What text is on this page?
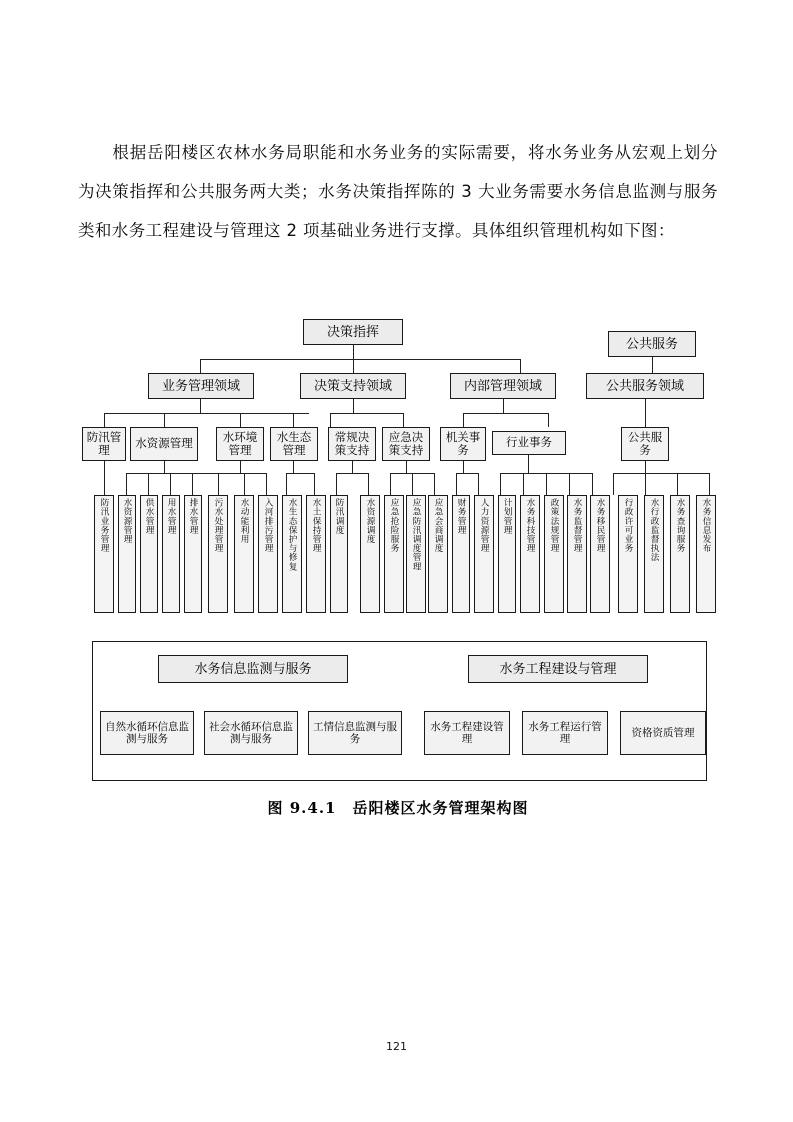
根据岳阳楼区农林水务局职能和水务业务的实际需要，将水务业务从宏观上划分为决策指挥和公共服务两大类；水务决策指挥陈的 3 大业务需要水务信息监测与服务类和水务工程建设与管理这 2 项基础业务进行支撑。具体组织管理机构如下图：
决策指挥
公共服务
业务管理领域	决策支持领域	内部管理领域	公共服务领域
防汛管理	水资源管理	水环境管理
水生态管理
常规决策支持
应急决策支持
机关事务
行业事务	公共服务
防汛业务管理 水资源管理 供水管理 用水管理 排水管理 污水处理管理 水动能利用 入河排污管理 水生态保护与修复 水土保持管理 防汛调度 水资源调度 应急抢险服务 应急防汛调度管理 应急会商调度 财务管理 人力资源管理 计划管理 水务科技管理 政策法规管理 水务监督管理 水务移民管理 行政许可业务 水行政监督执法 水务查询服务 水务信息发布
水务信息监测与服务	水务工程建设与管理
自然水循环信息监测与服务
社会水循环信息监测与服务
工情信息监测与服务
水务工程建设管理
水务工程运行管理
资格资质管理
图 9.4.1　岳阳楼区水务管理架构图
121
